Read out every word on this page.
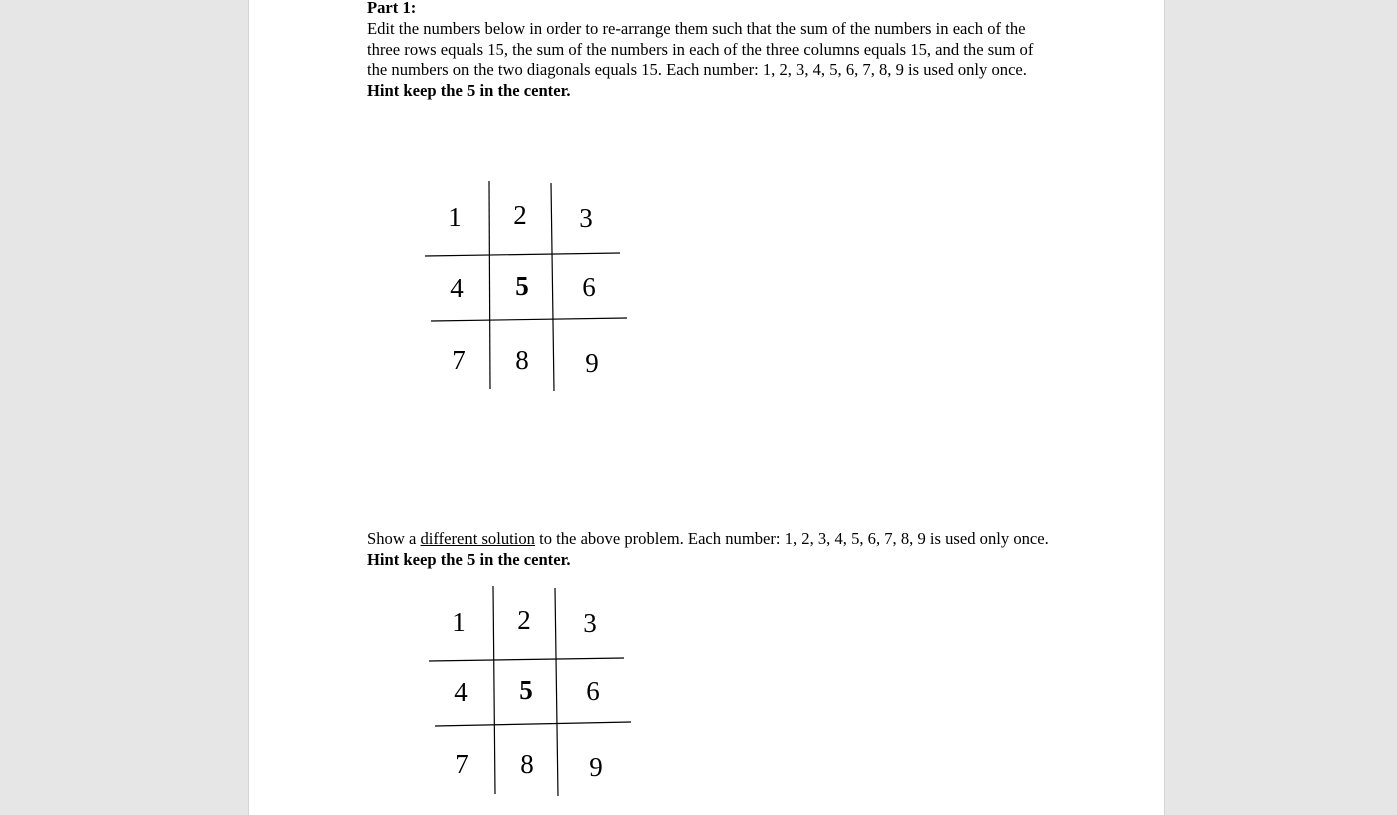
Part 1:
Edit the numbers below in order to re-arrange them such that the sum of the numbers in each of the three rows equals 15, the sum of the numbers in each of the three columns equals 15, and the sum of the numbers on the two diagonals equals 15. Each number: 1, 2, 3, 4, 5, 6, 7, 8, 9 is used only once. Hint keep the 5 in the center.
1	2	3
4	5	6
7	8	9
Show a different solution to the above problem. Each number: 1, 2, 3, 4, 5, 6, 7, 8, 9 is used only once. Hint keep the 5 in the center.
1	2	3
4	5	6
7	8	9
